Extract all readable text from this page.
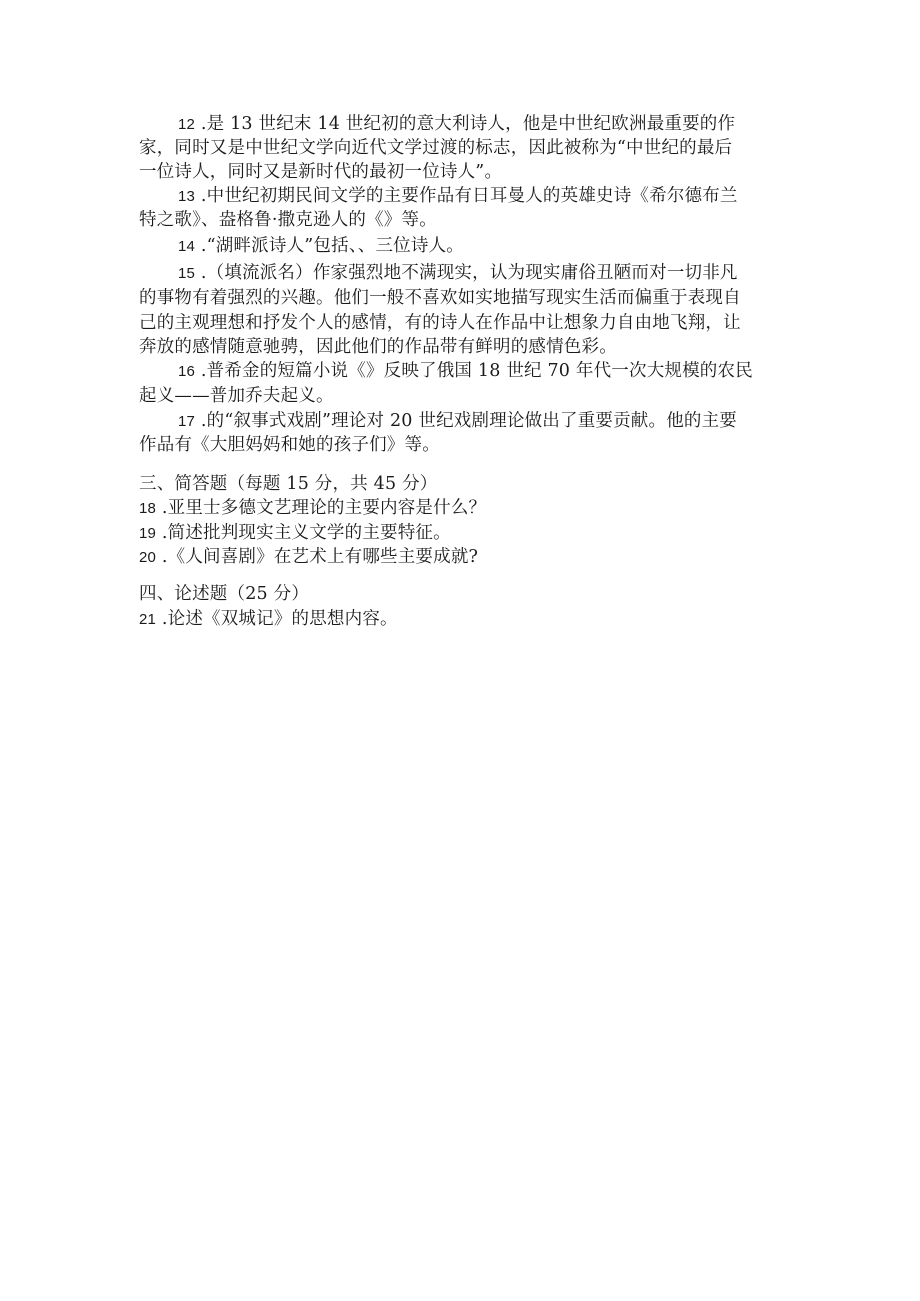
12 .是 13 世纪末 14 世纪初的意大利诗人，他是中世纪欧洲最重要的作
家，同时又是中世纪文学向近代文学过渡的标志，因此被称为“中世纪的最后
一位诗人，同时又是新时代的最初一位诗人”。
13 .中世纪初期民间文学的主要作品有日耳曼人的英雄史诗《希尔德布兰
特之歌》、盎格鲁·撒克逊人的《》等。
14 .“湖畔派诗人”包括、、三位诗人。
15 .（填流派名）作家强烈地不满现实，认为现实庸俗丑陋而对一切非凡
的事物有着强烈的兴趣。他们一般不喜欢如实地描写现实生活而偏重于表现自
己的主观理想和抒发个人的感情，有的诗人在作品中让想象力自由地飞翔，让
奔放的感情随意驰骋，因此他们的作品带有鲜明的感情色彩。
16 .普希金的短篇小说《》反映了俄国 18 世纪 70 年代一次大规模的农民
起义——普加乔夫起义。
17 .的“叙事式戏剧”理论对 20 世纪戏剧理论做出了重要贡献。他的主要
作品有《大胆妈妈和她的孩子们》等。
三、简答题（每题 15 分，共 45 分）
18 .亚里士多德文艺理论的主要内容是什么？
19 .简述批判现实主义文学的主要特征。
20 .《人间喜剧》在艺术上有哪些主要成就?
四、论述题（25 分）
21 .论述《双城记》的思想内容。
